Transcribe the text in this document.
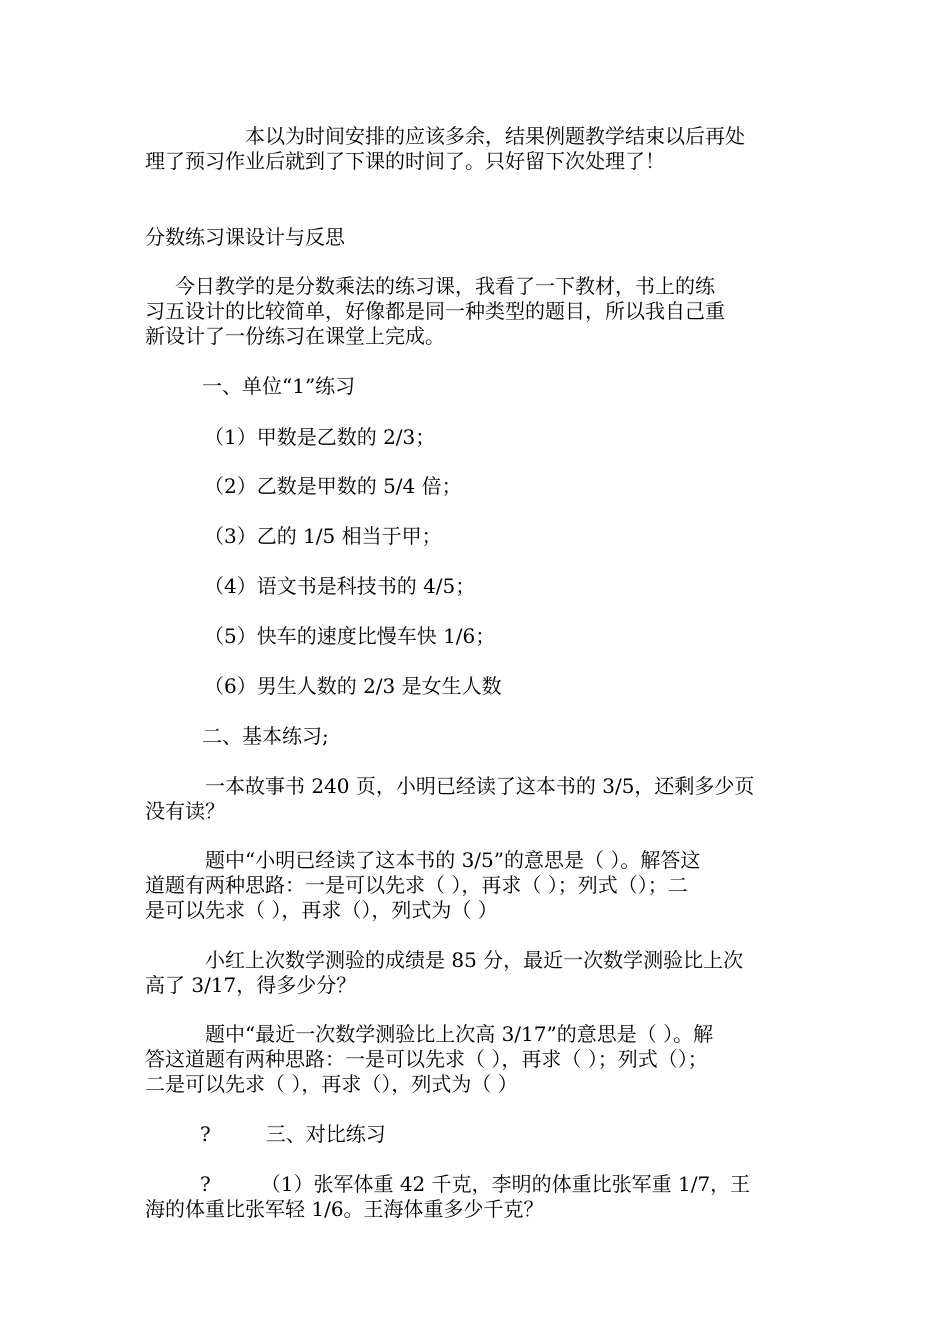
本以为时间安排的应该多余，结果例题教学结束以后再处
理了预习作业后就到了下课的时间了。只好留下次处理了！

分数练习课设计与反思

今日教学的是分数乘法的练习课，我看了一下教材，书上的练
习五设计的比较简单，好像都是同一种类型的题目，所以我自己重
新设计了一份练习在课堂上完成。

一、单位“1”练习

（1）甲数是乙数的 2/3；

（2）乙数是甲数的 5/4 倍；

（3）乙的 1/5 相当于甲；

（4）语文书是科技书的 4/5；

（5）快车的速度比慢车快 1/6；

（6）男生人数的 2/3 是女生人数

二、基本练习;

一本故事书 240 页，小明已经读了这本书的 3/5，还剩多少页
没有读？

题中“小明已经读了这本书的 3/5”的意思是（ ）。解答这
道题有两种思路：一是可以先求（ ），再求（ ）；列式（）；二
是可以先求（ ），再求（），列式为（ ）

小红上次数学测验的成绩是 85 分，最近一次数学测验比上次
高了 3/17，得多少分？

题中“最近一次数学测验比上次高 3/17”的意思是（ ）。解
答这道题有两种思路：一是可以先求（ ），再求（ ）；列式（）；
二是可以先求（ ），再求（），列式为（ ）

?	三、对比练习

?	（1）张军体重 42 千克，李明的体重比张军重 1/7，王
海的体重比张军轻 1/6。王海体重多少千克？
